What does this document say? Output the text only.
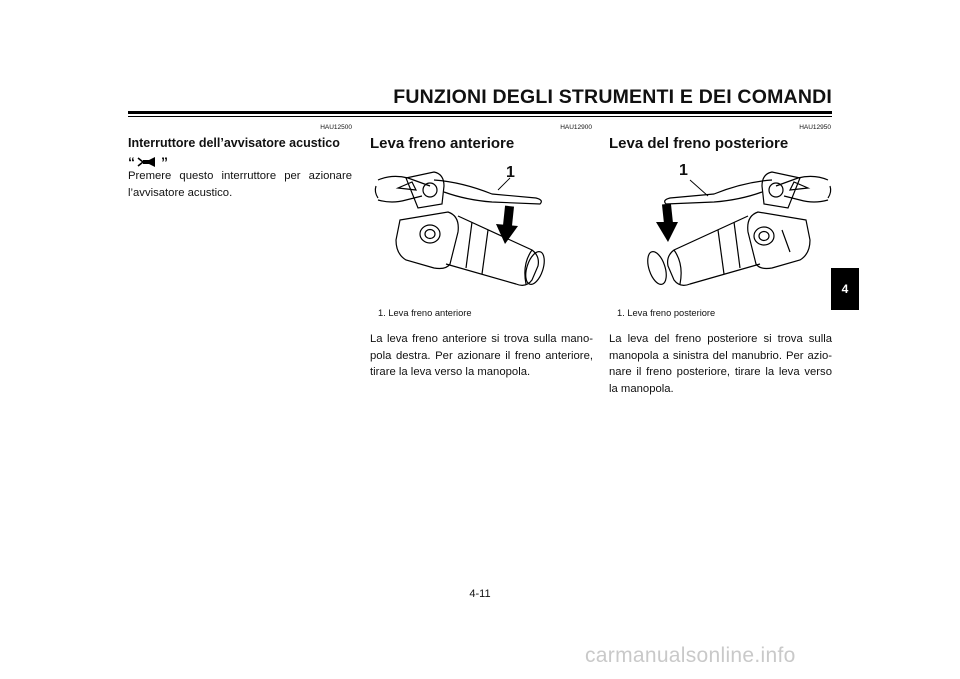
FUNZIONI DEGLI STRUMENTI E DEI COMANDI
HAU12500
Interruttore dell’avvisatore acustico
“ ”
Premere questo interruttore per azionare
l’avvisatore acustico.
HAU12900
Leva freno anteriore
1
1. Leva freno anteriore
La leva freno anteriore si trova sulla mano-
pola destra. Per azionare il freno anteriore,
tirare la leva verso la manopola.
HAU12950
Leva del freno posteriore
1
1. Leva freno posteriore
La leva del freno posteriore si trova sulla
manopola a sinistra del manubrio. Per azio-
nare il freno posteriore, tirare la leva verso
la manopola.
4
4-11
carmanualsonline.info
